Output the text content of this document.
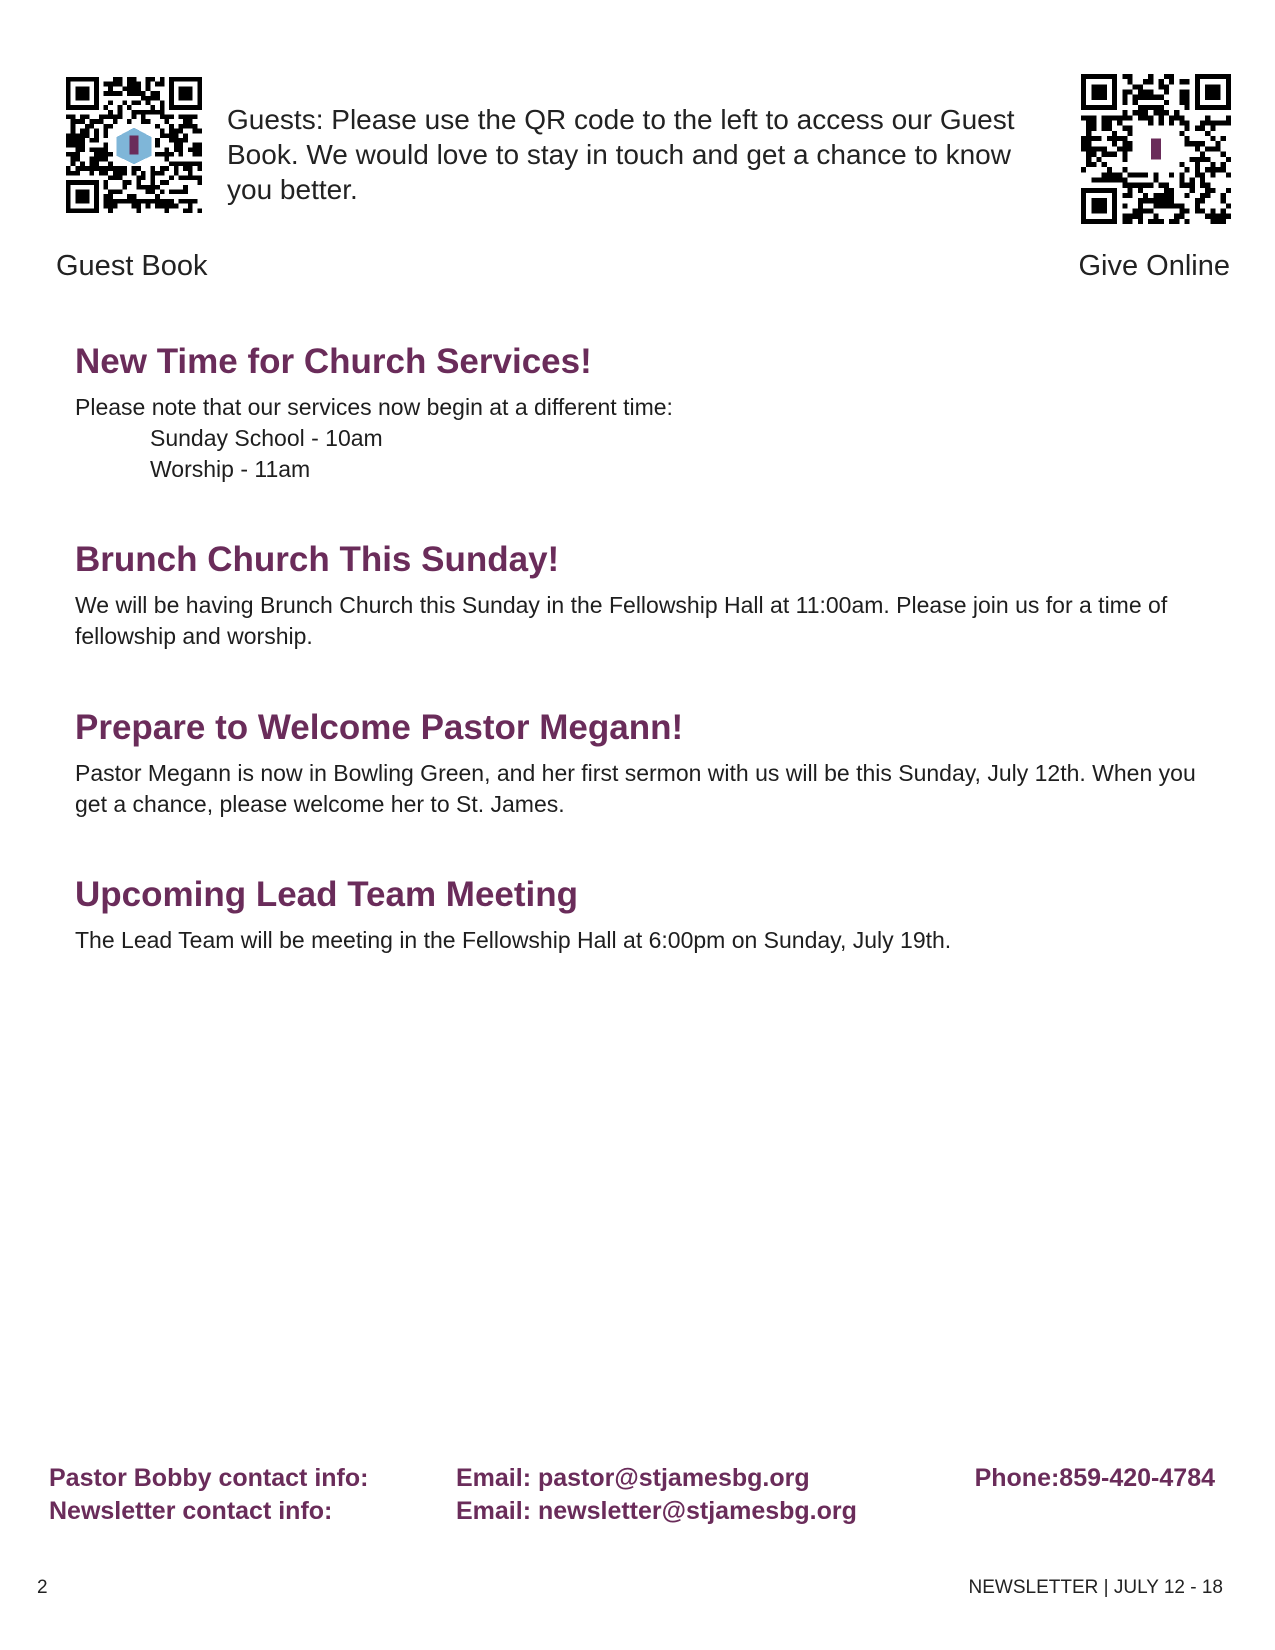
Guests: Please use the QR code to the left to access our Guest Book. We would love to stay in touch and get a chance to know you better.
Guest Book	Give Online
New Time for Church Services!

Please note that our services now begin at a different time:

Sunday School - 10am
Worship - 11am
Brunch Church This Sunday!

We will be having Brunch Church this Sunday in the Fellowship Hall at 11:00am. Please join us for a time of fellowship and worship.

Prepare to Welcome Pastor Megann!

Pastor Megann is now in Bowling Green, and her first sermon with us will be this Sunday, July 12th. When you get a chance, please welcome her to St. James.

Upcoming Lead Team Meeting

The Lead Team will be meeting in the Fellowship Hall at 6:00pm on Sunday, July 19th.

Pastor Bobby contact info:
Newsletter contact info:
Email: pastor@stjamesbg.org
Email: newsletter@stjamesbg.org
Phone:859-420-4784
2	NEWSLETTER | JULY 12 - 18
